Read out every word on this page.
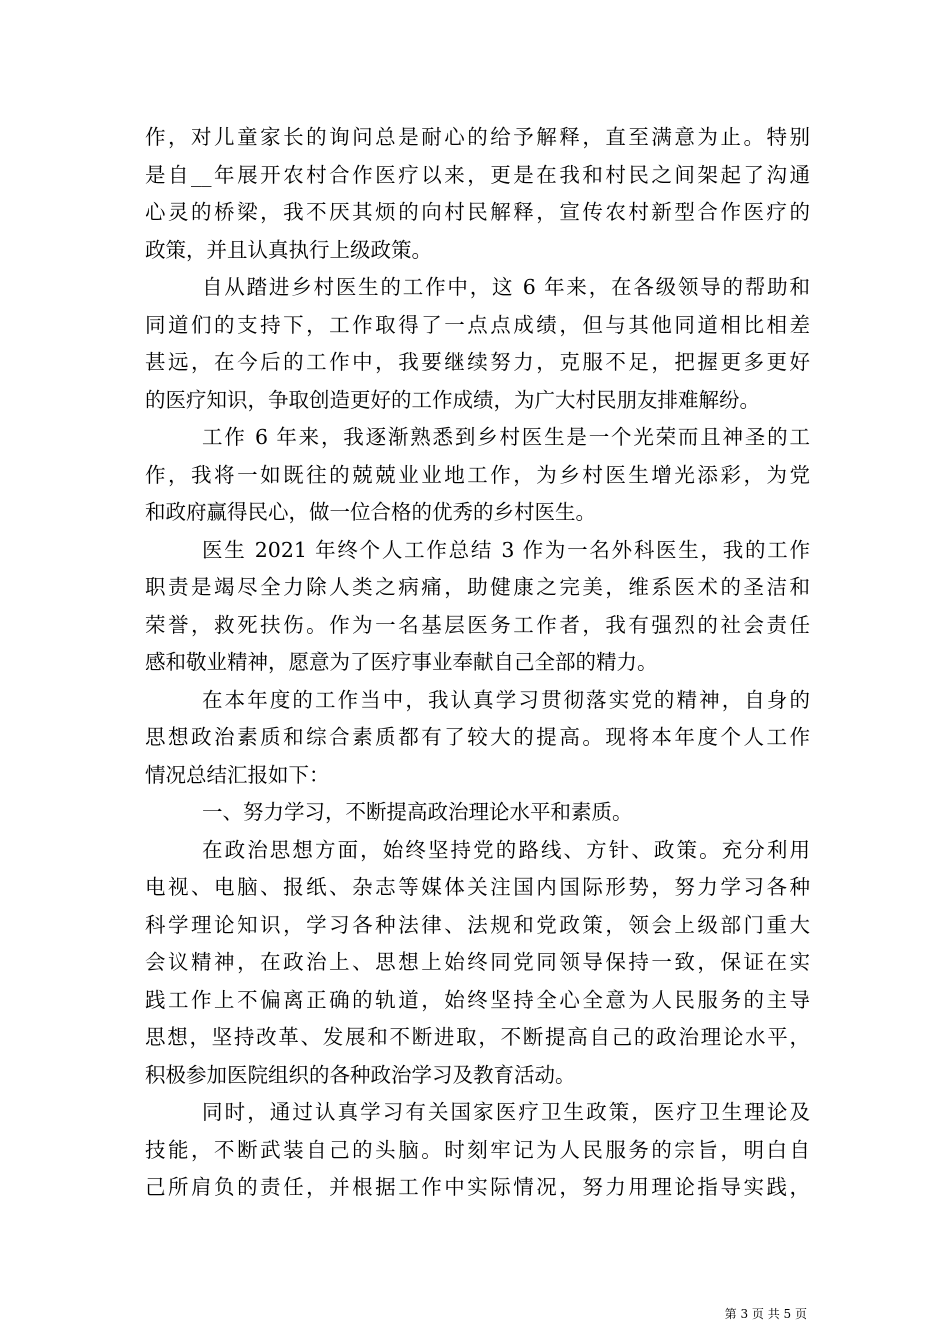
作，对儿童家长的询问总是耐心的给予解释，直至满意为止。特别
是自__年展开农村合作医疗以来，更是在我和村民之间架起了沟通
心灵的桥梁，我不厌其烦的向村民解释，宣传农村新型合作医疗的
政策，并且认真执行上级政策。
自从踏进乡村医生的工作中，这 6 年来，在各级领导的帮助和
同道们的支持下，工作取得了一点点成绩，但与其他同道相比相差
甚远，在今后的工作中，我要继续努力，克服不足，把握更多更好
的医疗知识，争取创造更好的工作成绩，为广大村民朋友排难解纷。
工作 6 年来，我逐渐熟悉到乡村医生是一个光荣而且神圣的工
作，我将一如既往的兢兢业业地工作，为乡村医生增光添彩，为党
和政府赢得民心，做一位合格的优秀的乡村医生。
医生 2021 年终个人工作总结 3 作为一名外科医生，我的工作
职责是竭尽全力除人类之病痛，助健康之完美，维系医术的圣洁和
荣誉，救死扶伤。作为一名基层医务工作者，我有强烈的社会责任
感和敬业精神，愿意为了医疗事业奉献自己全部的精力。
在本年度的工作当中，我认真学习贯彻落实党的精神，自身的
思想政治素质和综合素质都有了较大的提高。现将本年度个人工作
情况总结汇报如下：
一、努力学习，不断提高政治理论水平和素质。
在政治思想方面，始终坚持党的路线、方针、政策。充分利用
电视、电脑、报纸、杂志等媒体关注国内国际形势，努力学习各种
科学理论知识，学习各种法律、法规和党政策，领会上级部门重大
会议精神，在政治上、思想上始终同党同领导保持一致，保证在实
践工作上不偏离正确的轨道，始终坚持全心全意为人民服务的主导
思想，坚持改革、发展和不断进取，不断提高自己的政治理论水平，
积极参加医院组织的各种政治学习及教育活动。
同时，通过认真学习有关国家医疗卫生政策，医疗卫生理论及
技能，不断武装自己的头脑。时刻牢记为人民服务的宗旨，明白自
己所肩负的责任，并根据工作中实际情况，努力用理论指导实践，
第 3 页 共 5 页
